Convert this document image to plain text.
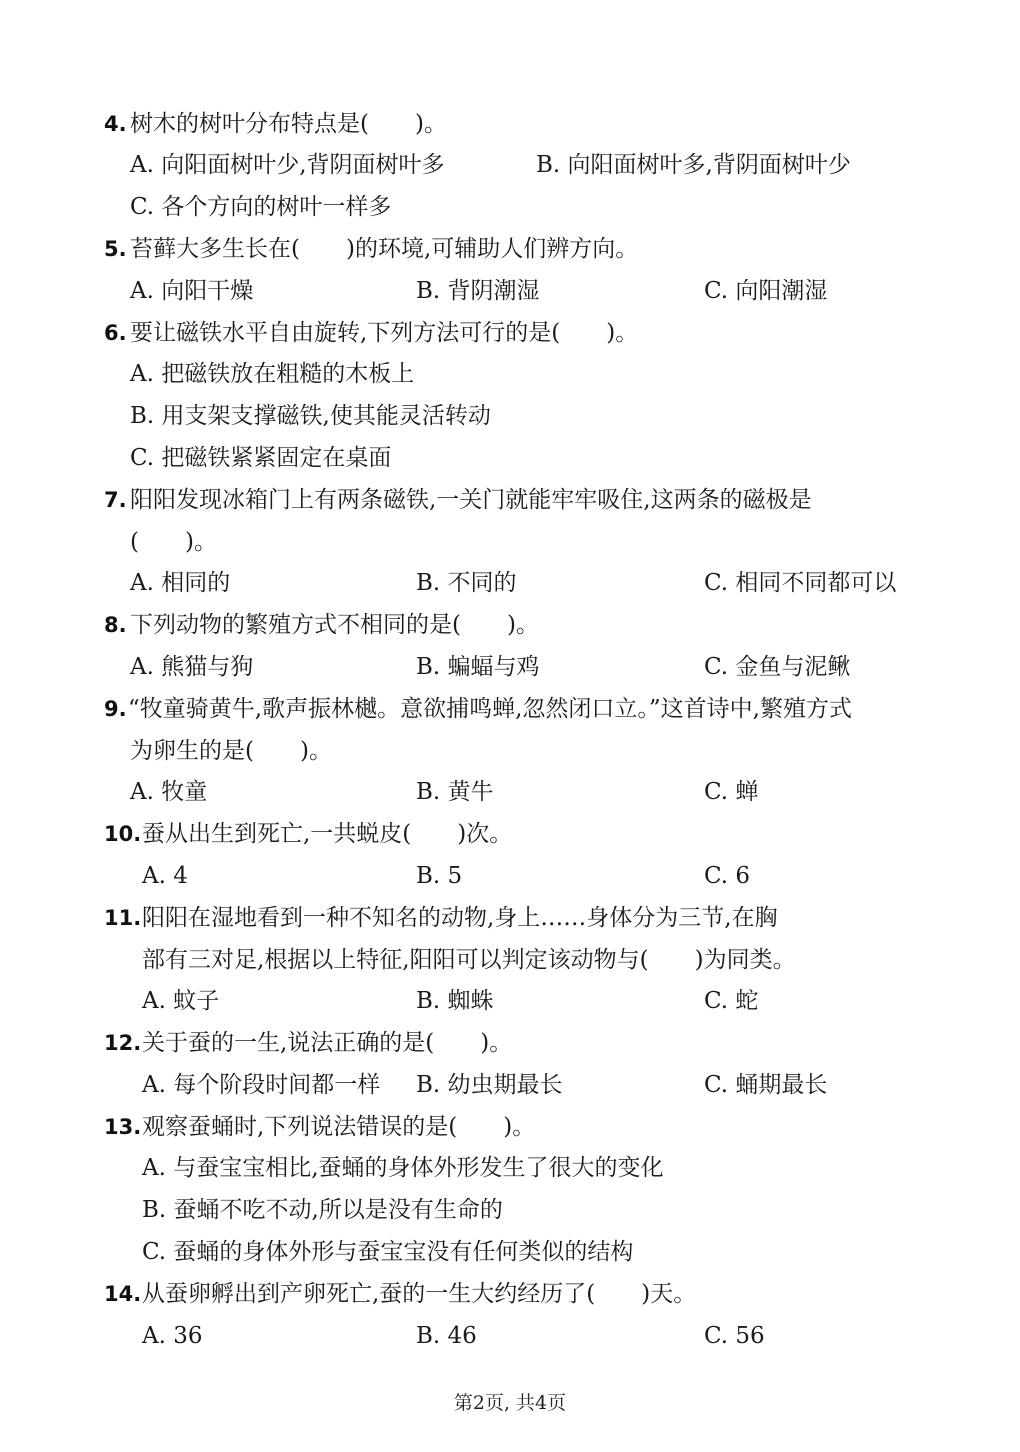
4. 树木的树叶分布特点是(　　)。
A. 向阳面树叶少,背阴面树叶多	B. 向阳面树叶多,背阴面树叶少
C. 各个方向的树叶一样多
5. 苔藓大多生长在(　　)的环境,可辅助人们辨方向。
A. 向阳干燥	B. 背阴潮湿	C. 向阳潮湿
6. 要让磁铁水平自由旋转,下列方法可行的是(　　)。
A. 把磁铁放在粗糙的木板上
B. 用支架支撑磁铁,使其能灵活转动
C. 把磁铁紧紧固定在桌面
7. 阳阳发现冰箱门上有两条磁铁,一关门就能牢牢吸住,这两条的磁极是
(　　)。
A. 相同的	B. 不同的	C. 相同不同都可以
8. 下列动物的繁殖方式不相同的是(　　)。
A. 熊猫与狗	B. 蝙蝠与鸡	C. 金鱼与泥鳅
9. “牧童骑黄牛,歌声振林樾。意欲捕鸣蝉,忽然闭口立。”这首诗中,繁殖方式
为卵生的是(　　)。
A. 牧童	B. 黄牛	C. 蝉
10. 蚕从出生到死亡,一共蜕皮(　　)次。
A. 4	B. 5	C. 6
11. 阳阳在湿地看到一种不知名的动物,身上……身体分为三节,在胸
部有三对足,根据以上特征,阳阳可以判定该动物与(　　)为同类。
A. 蚊子	B. 蜘蛛	C. 蛇
12. 关于蚕的一生,说法正确的是(　　)。
A. 每个阶段时间都一样 B. 幼虫期最长	C. 蛹期最长
13. 观察蚕蛹时,下列说法错误的是(　　)。
A. 与蚕宝宝相比,蚕蛹的身体外形发生了很大的变化
B. 蚕蛹不吃不动,所以是没有生命的
C. 蚕蛹的身体外形与蚕宝宝没有任何类似的结构
14. 从蚕卵孵出到产卵死亡,蚕的一生大约经历了(　　)天。
A. 36	B. 46	C. 56
第2页, 共4页
